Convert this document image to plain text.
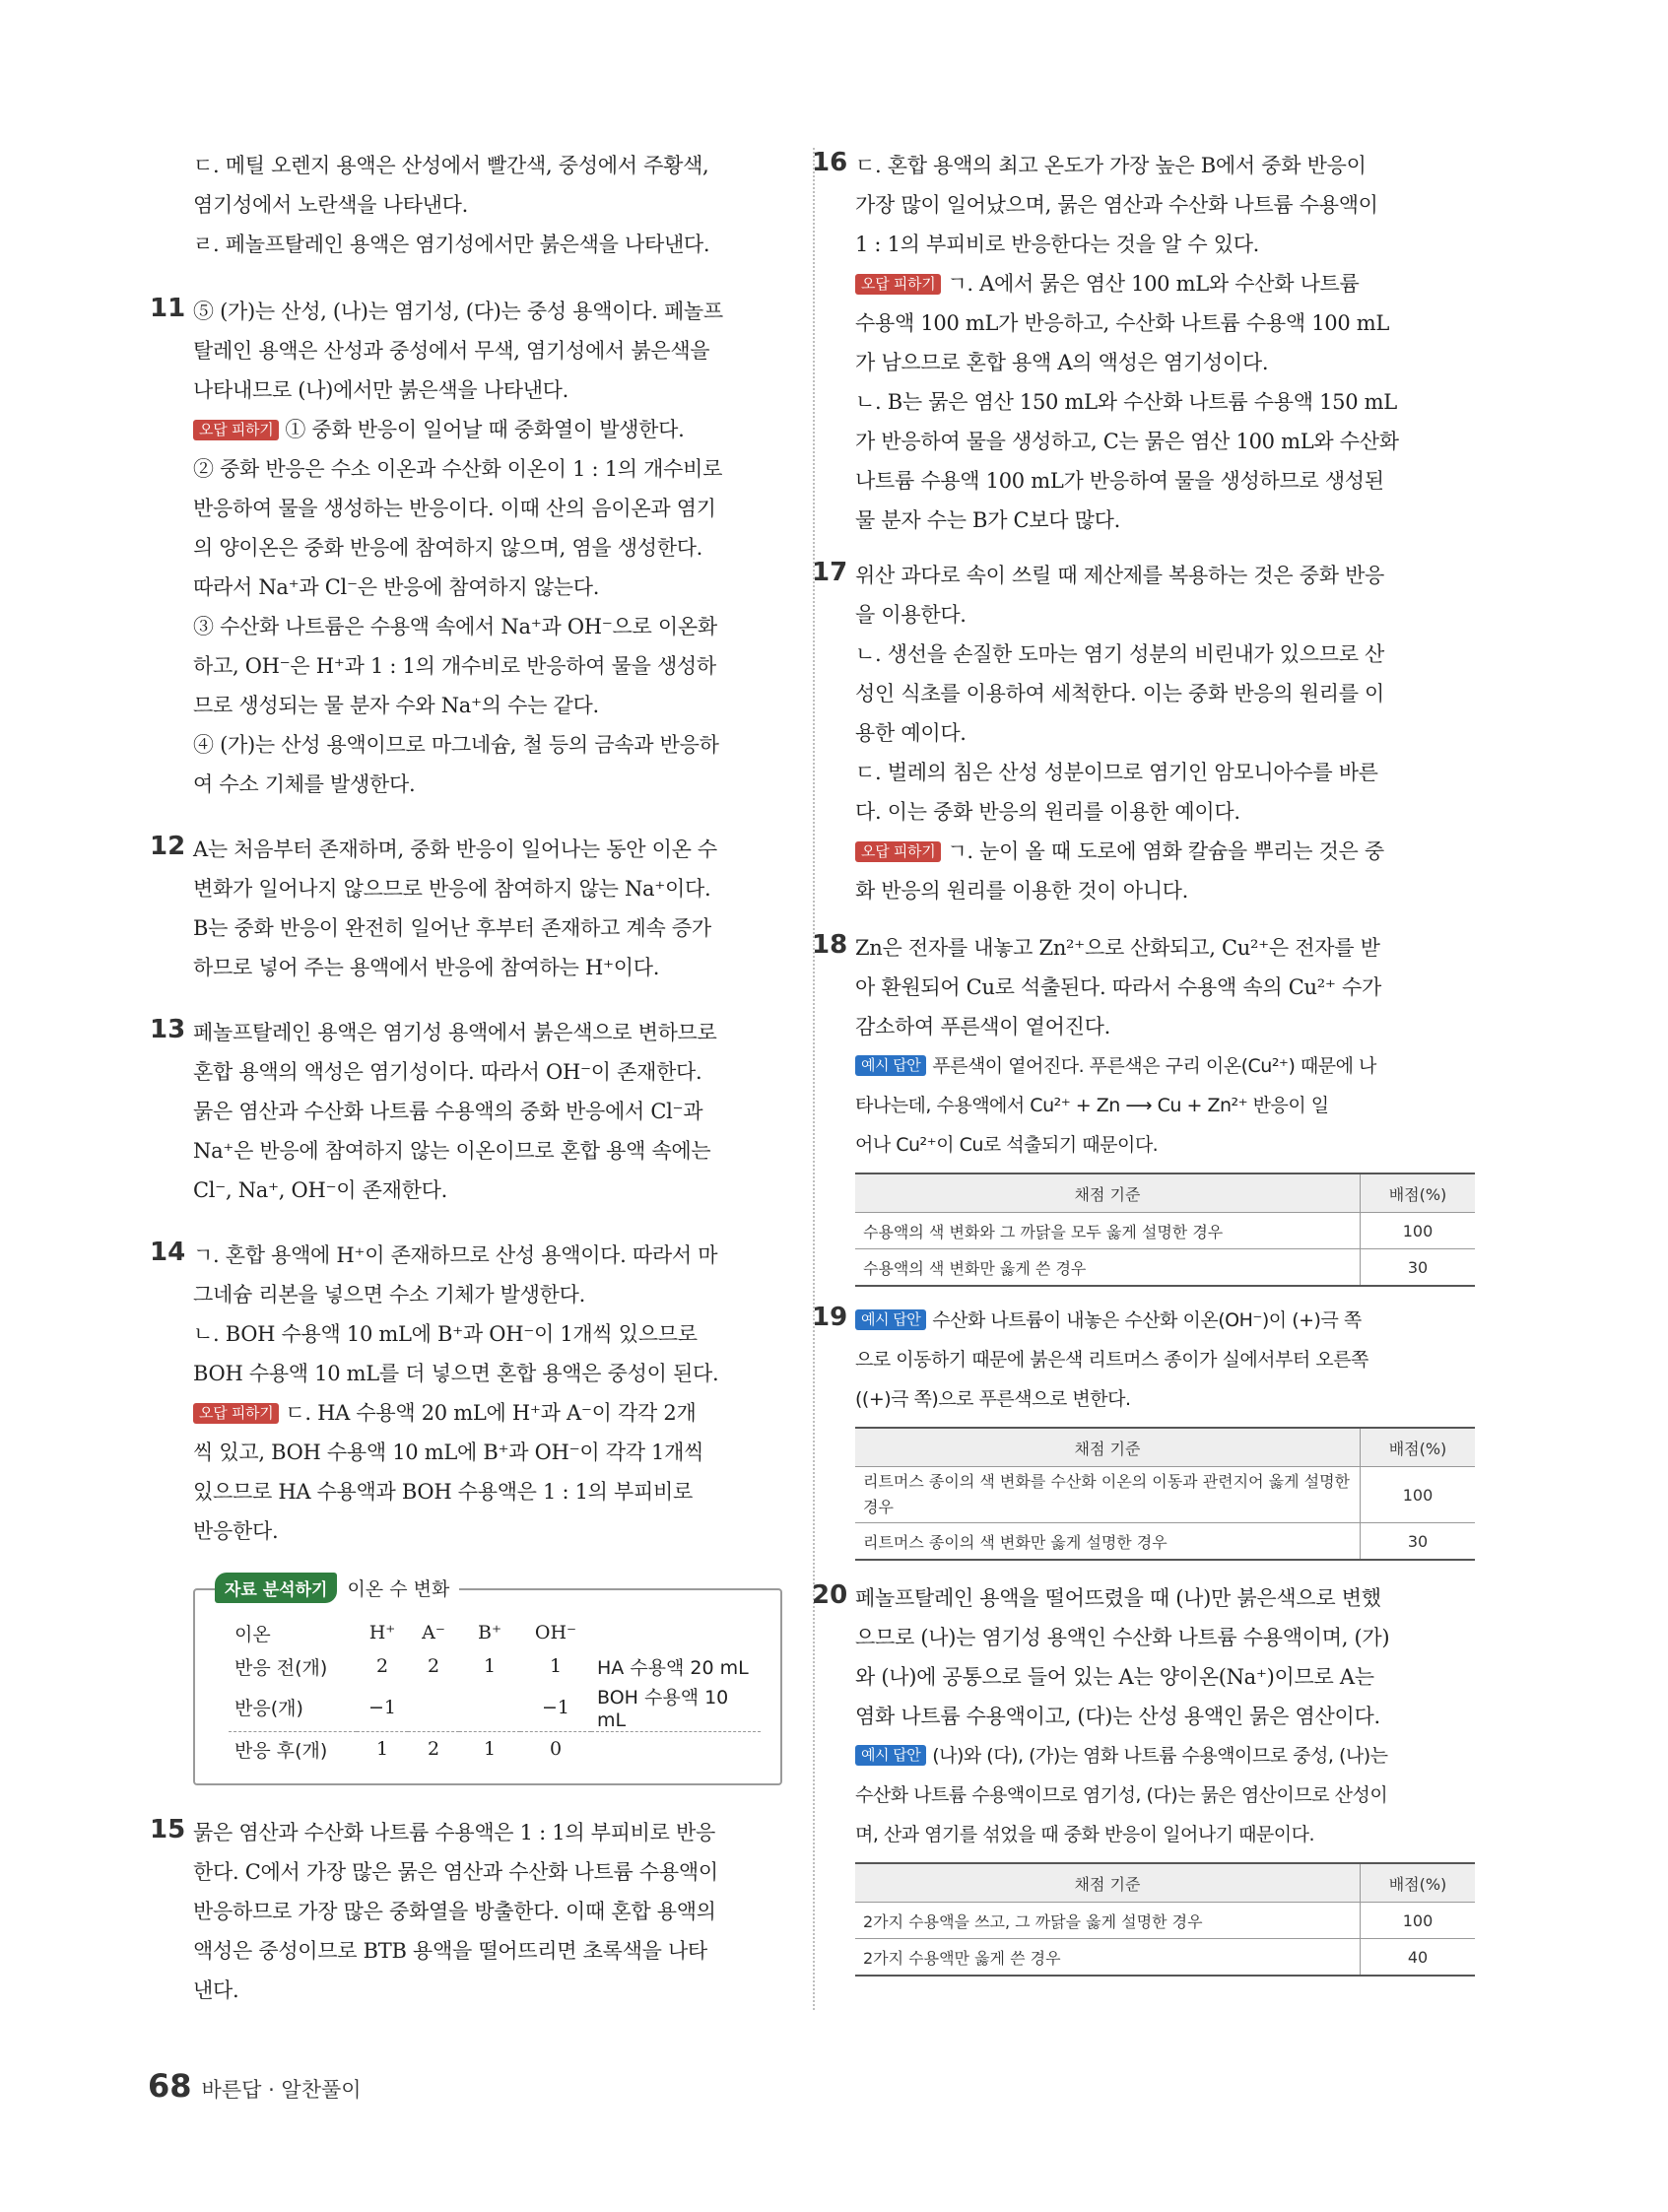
ㄷ. 메틸 오렌지 용액은 산성에서 빨간색, 중성에서 주황색,

염기성에서 노란색을 나타낸다.

ㄹ. 페놀프탈레인 용액은 염기성에서만 붉은색을 나타낸다.

11 ⑤ (가)는 산성, (나)는 염기성, (다)는 중성 용액이다. 페놀프

탈레인 용액은 산성과 중성에서 무색, 염기성에서 붉은색을

나타내므로 (나)에서만 붉은색을 나타낸다.

오답 피하기 ① 중화 반응이 일어날 때 중화열이 발생한다.

② 중화 반응은 수소 이온과 수산화 이온이 1 : 1의 개수비로

반응하여 물을 생성하는 반응이다. 이때 산의 음이온과 염기

의 양이온은 중화 반응에 참여하지 않으며, 염을 생성한다.

따라서 Na⁺과 Cl⁻은 반응에 참여하지 않는다.

③ 수산화 나트륨은 수용액 속에서 Na⁺과 OH⁻으로 이온화

하고, OH⁻은 H⁺과 1 : 1의 개수비로 반응하여 물을 생성하

므로 생성되는 물 분자 수와 Na⁺의 수는 같다.

④ (가)는 산성 용액이므로 마그네슘, 철 등의 금속과 반응하

여 수소 기체를 발생한다.

12 A는 처음부터 존재하며, 중화 반응이 일어나는 동안 이온 수

변화가 일어나지 않으므로 반응에 참여하지 않는 Na⁺이다.

B는 중화 반응이 완전히 일어난 후부터 존재하고 계속 증가

하므로 넣어 주는 용액에서 반응에 참여하는 H⁺이다.

13 페놀프탈레인 용액은 염기성 용액에서 붉은색으로 변하므로

혼합 용액의 액성은 염기성이다. 따라서 OH⁻이 존재한다.

묽은 염산과 수산화 나트륨 수용액의 중화 반응에서 Cl⁻과

Na⁺은 반응에 참여하지 않는 이온이므로 혼합 용액 속에는

Cl⁻, Na⁺, OH⁻이 존재한다.

14 ㄱ. 혼합 용액에 H⁺이 존재하므로 산성 용액이다. 따라서 마

그네슘 리본을 넣으면 수소 기체가 발생한다.

ㄴ. BOH 수용액 10 mL에 B⁺과 OH⁻이 1개씩 있으므로

BOH 수용액 10 mL를 더 넣으면 혼합 용액은 중성이 된다.

오답 피하기 ㄷ. HA 수용액 20 mL에 H⁺과 A⁻이 각각 2개

씩 있고, BOH 수용액 10 mL에 B⁺과 OH⁻이 각각 1개씩

있으므로 HA 수용액과 BOH 수용액은 1 : 1의 부피비로

반응한다.

자료 분석하기	이온 수 변화
이온	H⁺	A⁻	B⁺	OH⁻	
반응 전(개)	2	2	1	1	HA 수용액 20 mL
반응(개)	−1			−1	BOH 수용액 10 mL
반응 후(개)	1	2	1	0	
15 묽은 염산과 수산화 나트륨 수용액은 1 : 1의 부피비로 반응

한다. C에서 가장 많은 묽은 염산과 수산화 나트륨 수용액이

반응하므로 가장 많은 중화열을 방출한다. 이때 혼합 용액의

액성은 중성이므로 BTB 용액을 떨어뜨리면 초록색을 나타

낸다.

16 ㄷ. 혼합 용액의 최고 온도가 가장 높은 B에서 중화 반응이

가장 많이 일어났으며, 묽은 염산과 수산화 나트륨 수용액이

1 : 1의 부피비로 반응한다는 것을 알 수 있다.

오답 피하기 ㄱ. A에서 묽은 염산 100 mL와 수산화 나트륨

수용액 100 mL가 반응하고, 수산화 나트륨 수용액 100 mL

가 남으므로 혼합 용액 A의 액성은 염기성이다.

ㄴ. B는 묽은 염산 150 mL와 수산화 나트륨 수용액 150 mL

가 반응하여 물을 생성하고, C는 묽은 염산 100 mL와 수산화

나트륨 수용액 100 mL가 반응하여 물을 생성하므로 생성된

물 분자 수는 B가 C보다 많다.

17 위산 과다로 속이 쓰릴 때 제산제를 복용하는 것은 중화 반응

을 이용한다.

ㄴ. 생선을 손질한 도마는 염기 성분의 비린내가 있으므로 산

성인 식초를 이용하여 세척한다. 이는 중화 반응의 원리를 이

용한 예이다.

ㄷ. 벌레의 침은 산성 성분이므로 염기인 암모니아수를 바른

다. 이는 중화 반응의 원리를 이용한 예이다.

오답 피하기 ㄱ. 눈이 올 때 도로에 염화 칼슘을 뿌리는 것은 중

화 반응의 원리를 이용한 것이 아니다.

18 Zn은 전자를 내놓고 Zn²⁺으로 산화되고, Cu²⁺은 전자를 받

아 환원되어 Cu로 석출된다. 따라서 수용액 속의 Cu²⁺ 수가

감소하여 푸른색이 옅어진다.

예시 답안 푸른색이 옅어진다. 푸른색은 구리 이온(Cu²⁺) 때문에 나

타나는데, 수용액에서 Cu²⁺ + Zn ⟶ Cu + Zn²⁺ 반응이 일

어나 Cu²⁺이 Cu로 석출되기 때문이다.

채점 기준	배점(%)
수용액의 색 변화와 그 까닭을 모두 옳게 설명한 경우	100
수용액의 색 변화만 옳게 쓴 경우	30
19 예시 답안 수산화 나트륨이 내놓은 수산화 이온(OH⁻)이 (+)극 쪽

으로 이동하기 때문에 붉은색 리트머스 종이가 실에서부터 오른쪽

((+)극 쪽)으로 푸른색으로 변한다.

채점 기준	배점(%)
리트머스 종이의 색 변화를 수산화 이온의 이동과 관련지어 옳게 설명한 경우	100
리트머스 종이의 색 변화만 옳게 설명한 경우	30
20 페놀프탈레인 용액을 떨어뜨렸을 때 (나)만 붉은색으로 변했

으므로 (나)는 염기성 용액인 수산화 나트륨 수용액이며, (가)

와 (나)에 공통으로 들어 있는 A는 양이온(Na⁺)이므로 A는

염화 나트륨 수용액이고, (다)는 산성 용액인 묽은 염산이다.

예시 답안 (나)와 (다), (가)는 염화 나트륨 수용액이므로 중성, (나)는

수산화 나트륨 수용액이므로 염기성, (다)는 묽은 염산이므로 산성이

며, 산과 염기를 섞었을 때 중화 반응이 일어나기 때문이다.

채점 기준	배점(%)
2가지 수용액을 쓰고, 그 까닭을 옳게 설명한 경우	100
2가지 수용액만 옳게 쓴 경우	40
68 바른답 · 알찬풀이
